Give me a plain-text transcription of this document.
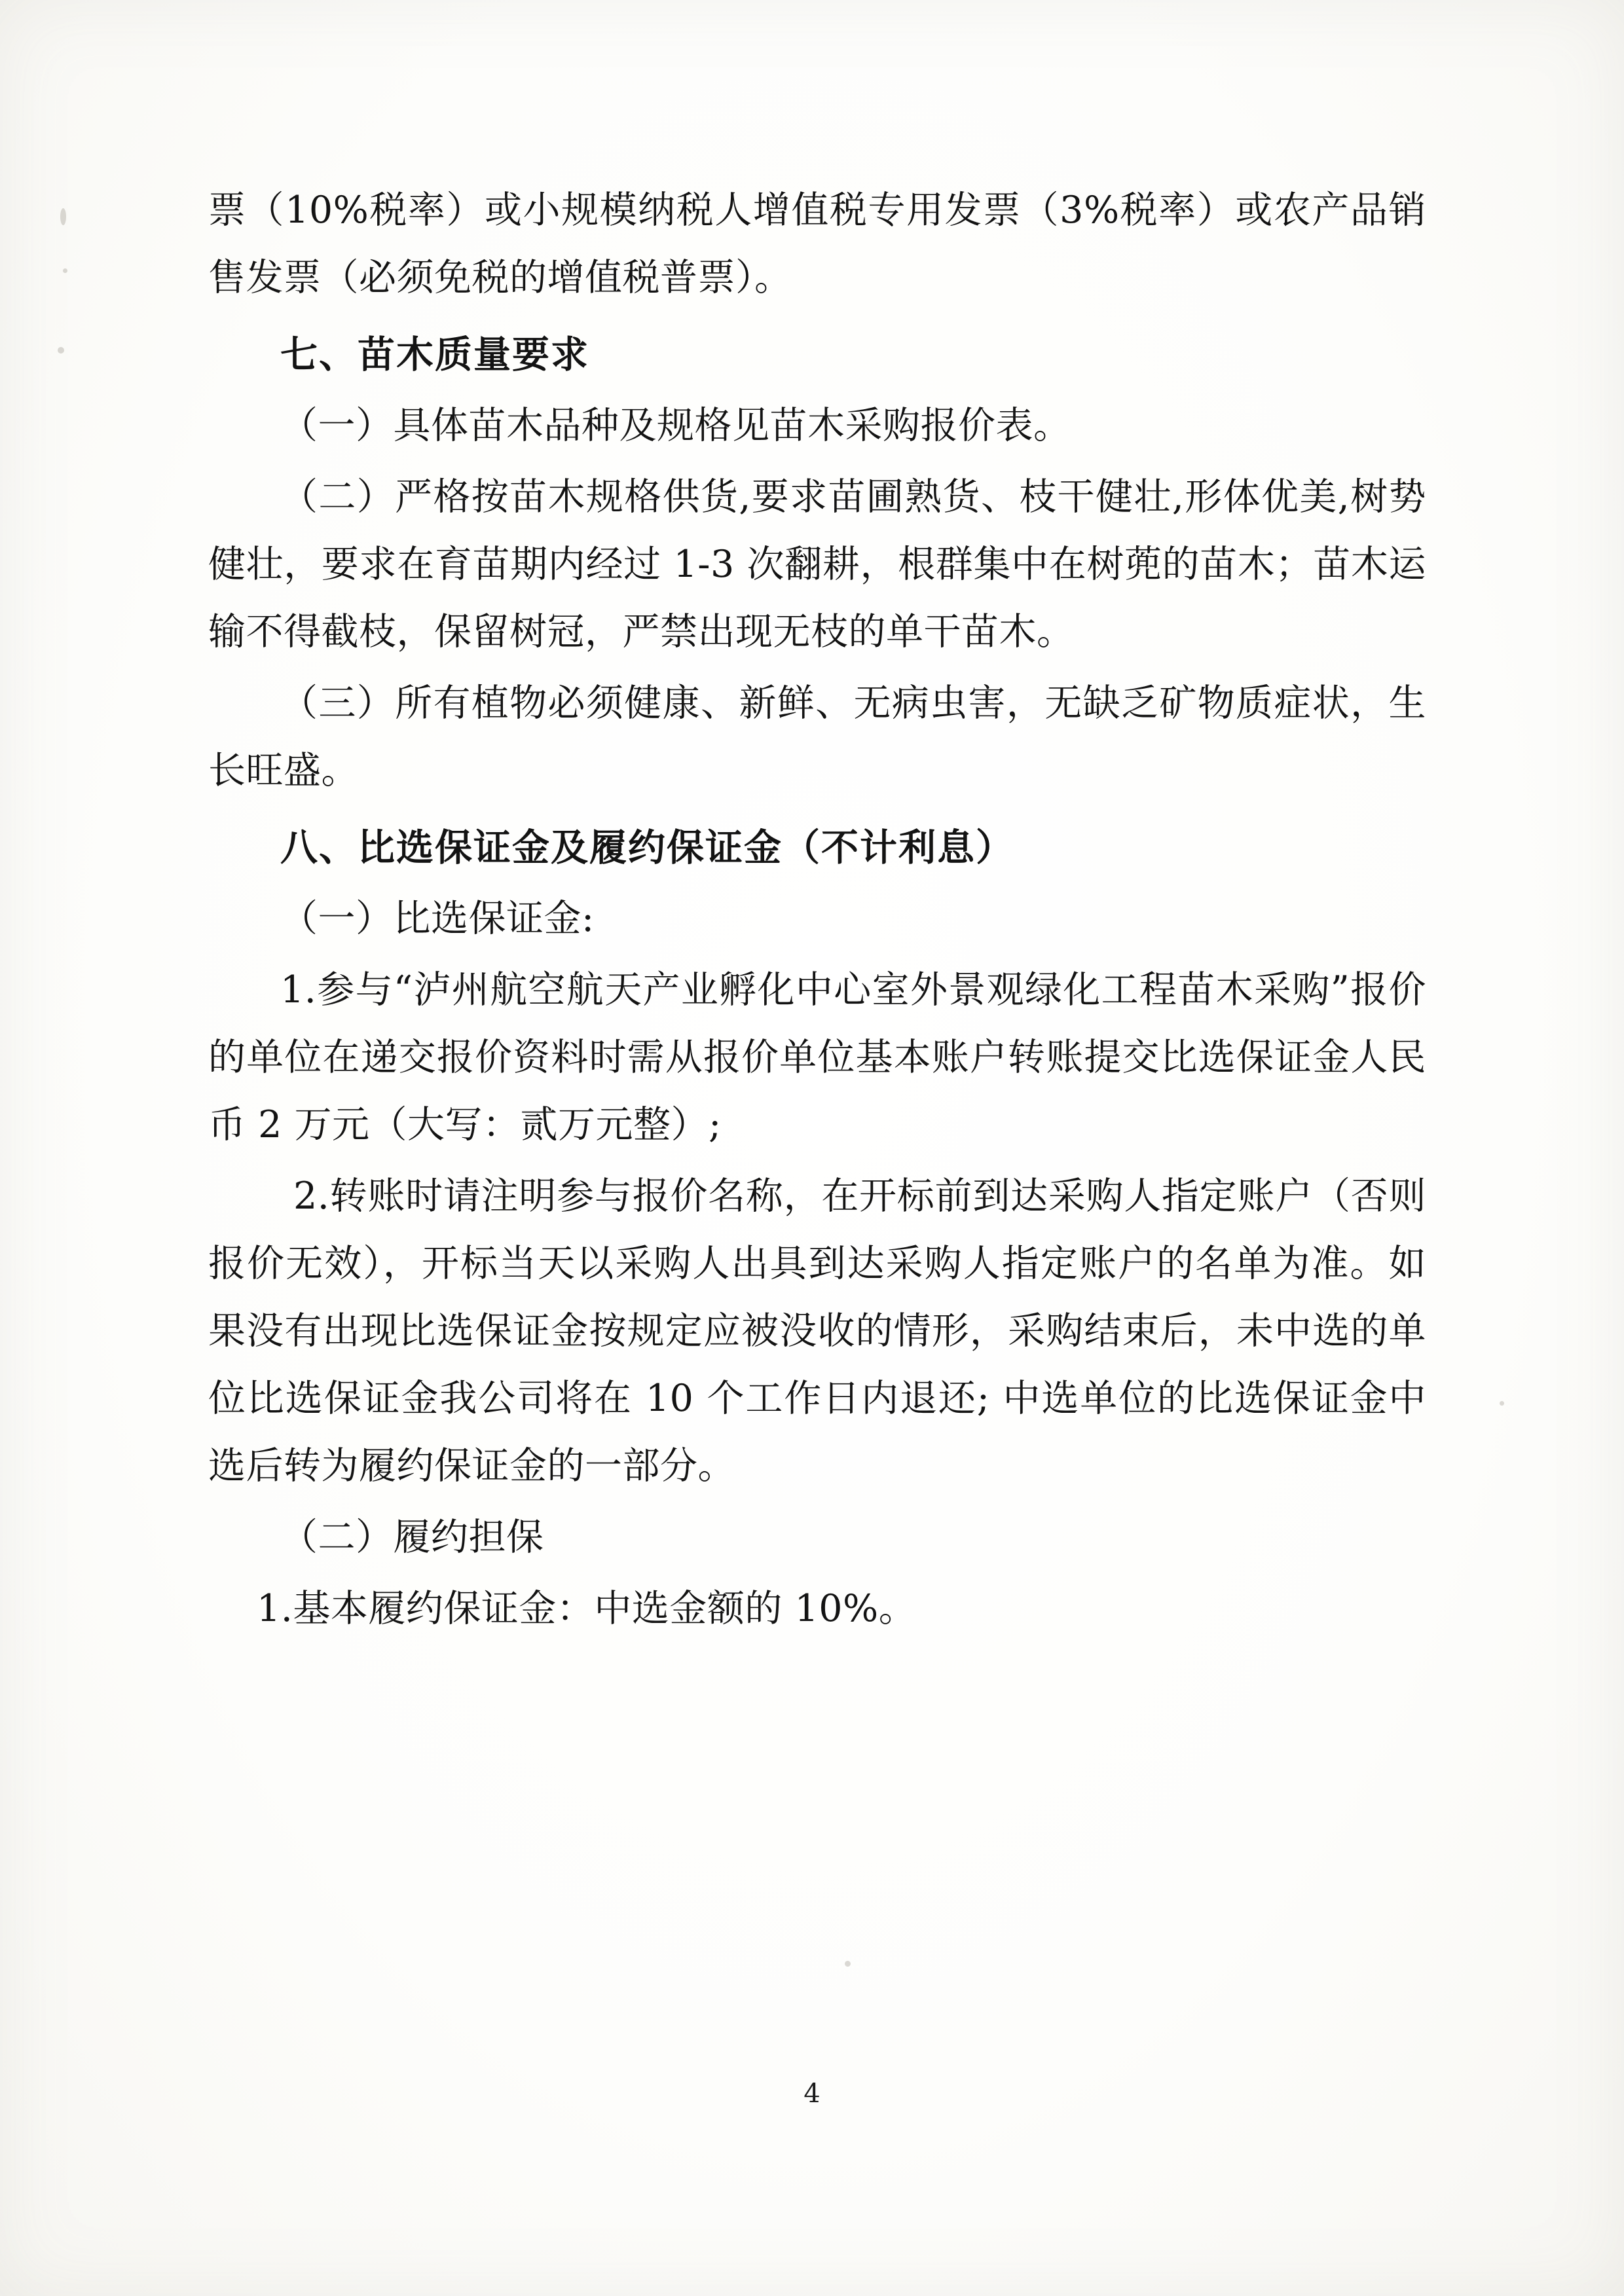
票（10%税率）或小规模纳税人增值税专用发票（3%税率）或农产品销售发票（必须免税的增值税普票）。

七、苗木质量要求

（一）具体苗木品种及规格见苗木采购报价表。

（二）严格按苗木规格供货,要求苗圃熟货、枝干健壮,形体优美,树势健壮，要求在育苗期内经过 1-3 次翻耕，根群集中在树蔸的苗木；苗木运输不得截枝，保留树冠，严禁出现无枝的单干苗木。

（三）所有植物必须健康、新鲜、无病虫害，无缺乏矿物质症状，生长旺盛。

八、比选保证金及履约保证金（不计利息）

（一）比选保证金:

1.参与“泸州航空航天产业孵化中心室外景观绿化工程苗木采购”报价的单位在递交报价资料时需从报价单位基本账户转账提交比选保证金人民币 2 万元（大写：贰万元整）;

2.转账时请注明参与报价名称，在开标前到达采购人指定账户（否则报价无效），开标当天以采购人出具到达采购人指定账户的名单为准。如果没有出现比选保证金按规定应被没收的情形，采购结束后，未中选的单位比选保证金我公司将在 10 个工作日内退还; 中选单位的比选保证金中选后转为履约保证金的一部分。

（二）履约担保

1.基本履约保证金：中选金额的 10%。

4
